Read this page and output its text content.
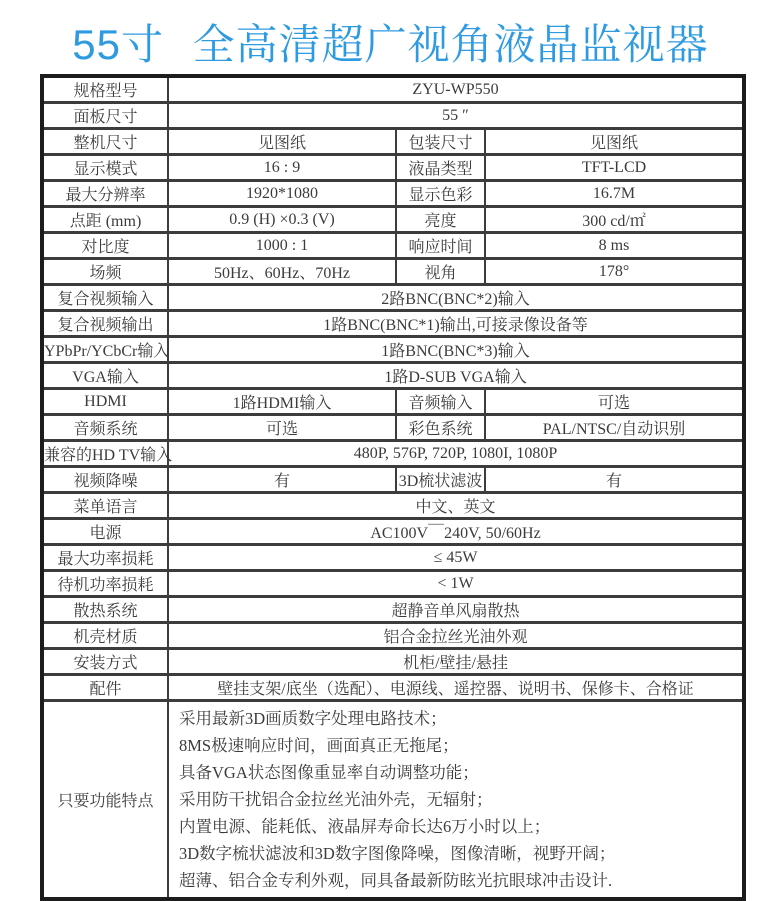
55寸 全高清超广视角液晶监视器
规格型号	ZYU-WP550		
面板尺寸	55 ″		
整机尺寸	见图纸	包装尺寸	见图纸
显示模式	16 : 9	液晶类型	TFT-LCD
最大分辨率	1920*1080	显示色彩	16.7M
点距 (mm)	0.9 (H) ×0.3 (V)	亮度	300 cd/㎡
对比度	1000 : 1	响应时间	8 ms
场频	50Hz、60Hz、70Hz	视角	178°
复合视频输入	2路BNC(BNC*2)输入		
复合视频输出	1路BNC(BNC*1)输出,可接录像设备等		
YPbPr/YCbCr输入	1路BNC(BNC*3)输入		
VGA输入	1路D-SUB VGA输入		
HDMI	1路HDMI输入	音频输入	可选
音频系统	可选	彩色系统	PAL/NTSC/自动识别
兼容的HD TV输入	480P, 576P, 720P, 1080I, 1080P		
视频降噪	有	3D梳状滤波	有
菜单语言	中文、英文		
电源	AC100V￣240V, 50/60Hz		
最大功率损耗	≤ 45W		
待机功率损耗	< 1W		
散热系统	超静音单风扇散热		
机壳材质	铝合金拉丝光油外观		
安装方式	机柜/壁挂/悬挂		
配件	壁挂支架/底坐（选配）、电源线、遥控器、说明书、保修卡、合格证		
只要功能特点	
采用最新3D画质数字处理电路技术；
8MS极速响应时间，画面真正无拖尾；
具备VGA状态图像重显率自动调整功能；
采用防干扰铝合金拉丝光油外壳，无辐射；
内置电源、能耗低、液晶屏寿命长达6万小时以上；
3D数字梳状滤波和3D数字图像降噪，图像清晰，视野开阔；
超薄、铝合金专利外观，同具备最新防眩光抗眼球冲击设计.
